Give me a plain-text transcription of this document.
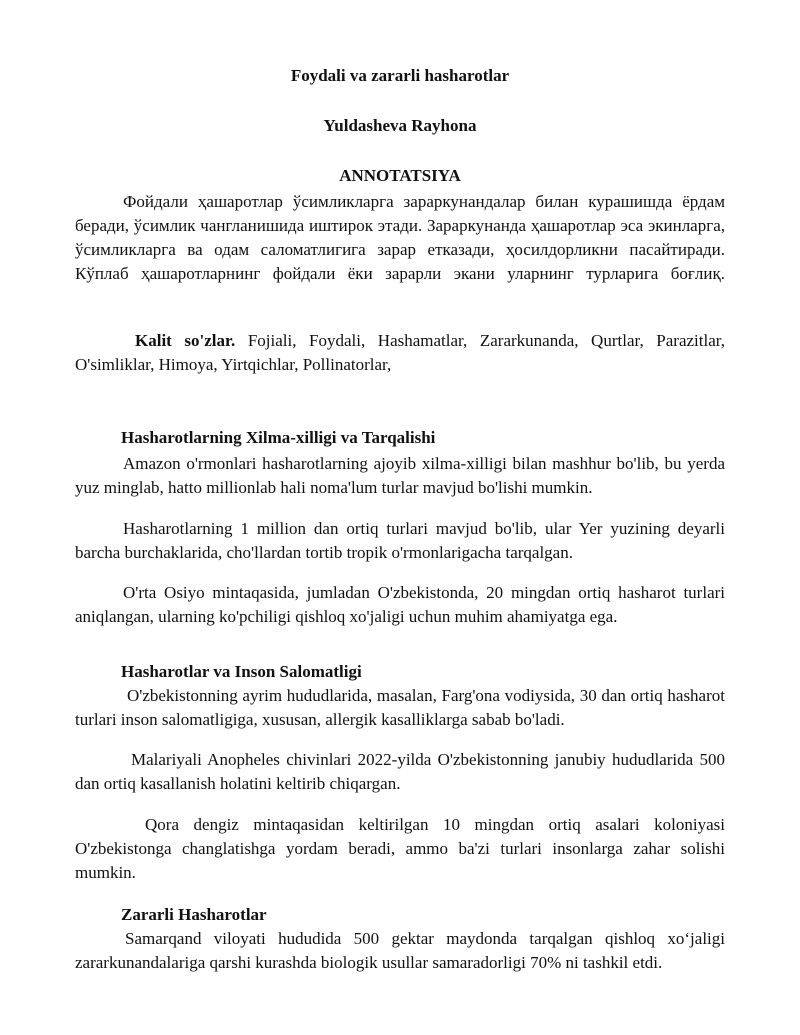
Foydali va zararli hasharotlar
Yuldasheva Rayhona
ANNOTATSIYA
Фойдали ҳашаротлар ўсимликларга зараркунандалар билан курашишда ёрдам беради, ўсимлик чангланишида иштирок этади. Зараркунанда ҳашаротлар эса экинларга, ўсимликларга ва одам саломатлигига зарар етказади, ҳосилдорликни пасайтиради. Кўплаб ҳашаротларнинг фойдали ёки зарарли экани уларнинг турларига боғлиқ.
Kalit so'zlar. Fojiali, Foydali, Hashamatlar, Zararkunanda, Qurtlar, Parazitlar, O'simliklar, Himoya, Yirtqichlar, Pollinatorlar,
Hasharotlarning Xilma-xilligi va Tarqalishi
Amazon o'rmonlari hasharotlarning ajoyib xilma-xilligi bilan mashhur bo'lib, bu yerda yuz minglab, hatto millionlab hali noma'lum turlar mavjud bo'lishi mumkin.
Hasharotlarning 1 million dan ortiq turlari mavjud bo'lib, ular Yer yuzining deyarli barcha burchaklarida, cho'llardan tortib tropik o'rmonlarigacha tarqalgan.
O'rta Osiyo mintaqasida, jumladan O'zbekistonda, 20 mingdan ortiq hasharot turlari aniqlangan, ularning ko'pchiligi qishloq xo'jaligi uchun muhim ahamiyatga ega.
Hasharotlar va Inson Salomatligi
O'zbekistonning ayrim hududlarida, masalan, Farg'ona vodiysida, 30 dan ortiq hasharot turlari inson salomatligiga, xususan, allergik kasalliklarga sabab bo'ladi.
Malariyali Anopheles chivinlari 2022-yilda O'zbekistonning janubiy hududlarida 500 dan ortiq kasallanish holatini keltirib chiqargan.
Qora dengiz mintaqasidan keltirilgan 10 mingdan ortiq asalari koloniyasi O'zbekistonga changlatishga yordam beradi, ammo ba'zi turlari insonlarga zahar solishi mumkin.
Zararli Hasharotlar
Samarqand viloyati hududida 500 gektar maydonda tarqalgan qishloq xo‘jaligi zararkunandalariga qarshi kurashda biologik usullar samaradorligi 70% ni tashkil etdi.
